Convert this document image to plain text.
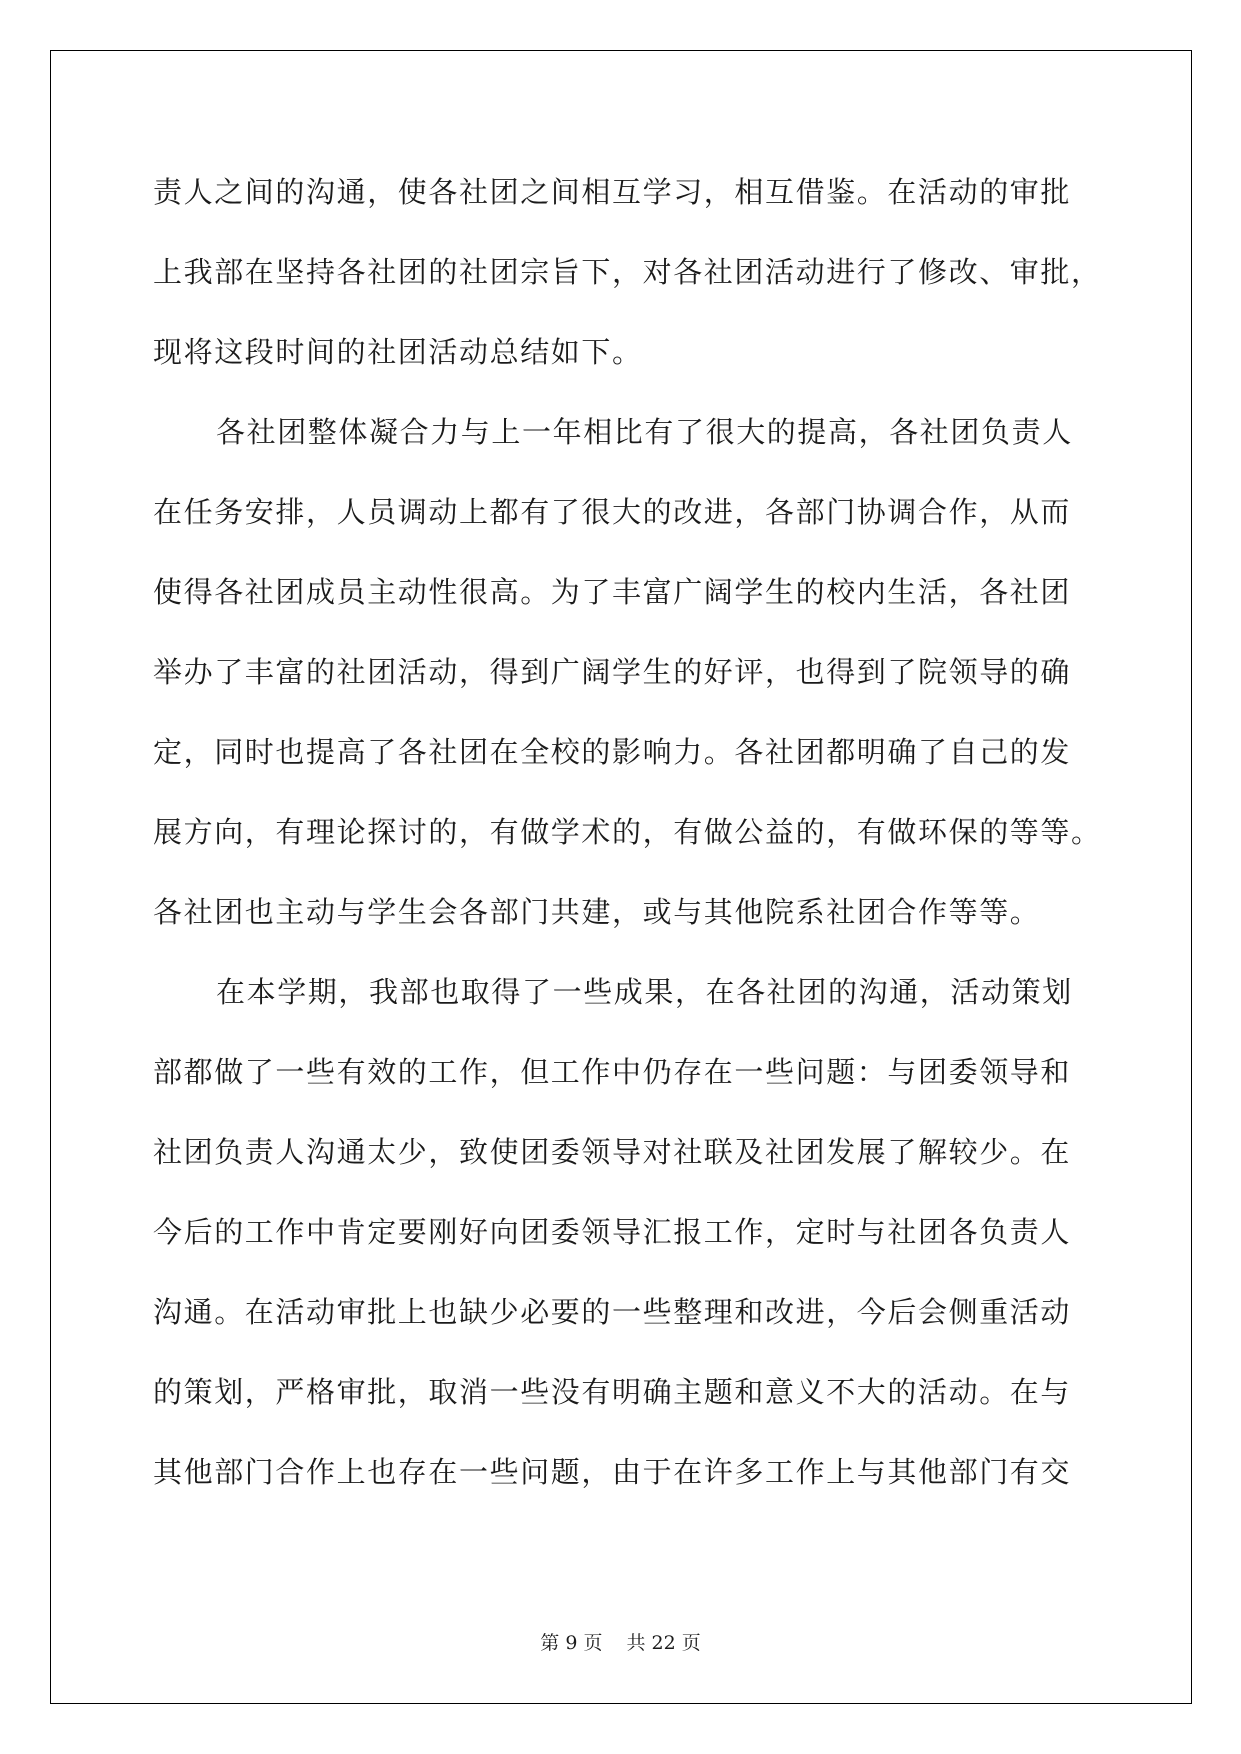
责人之间的沟通，使各社团之间相互学习，相互借鉴。在活动的审批
上我部在坚持各社团的社团宗旨下，对各社团活动进行了修改、审批，
现将这段时间的社团活动总结如下。
各社团整体凝合力与上一年相比有了很大的提高，各社团负责人
在任务安排，人员调动上都有了很大的改进，各部门协调合作，从而
使得各社团成员主动性很高。为了丰富广阔学生的校内生活，各社团
举办了丰富的社团活动，得到广阔学生的好评，也得到了院领导的确
定，同时也提高了各社团在全校的影响力。各社团都明确了自己的发
展方向，有理论探讨的，有做学术的，有做公益的，有做环保的等等。
各社团也主动与学生会各部门共建，或与其他院系社团合作等等。
在本学期，我部也取得了一些成果，在各社团的沟通，活动策划
部都做了一些有效的工作，但工作中仍存在一些问题：与团委领导和
社团负责人沟通太少，致使团委领导对社联及社团发展了解较少。在
今后的工作中肯定要刚好向团委领导汇报工作，定时与社团各负责人
沟通。在活动审批上也缺少必要的一些整理和改进，今后会侧重活动
的策划，严格审批，取消一些没有明确主题和意义不大的活动。在与
其他部门合作上也存在一些问题，由于在许多工作上与其他部门有交
第 9 页 共 22 页
